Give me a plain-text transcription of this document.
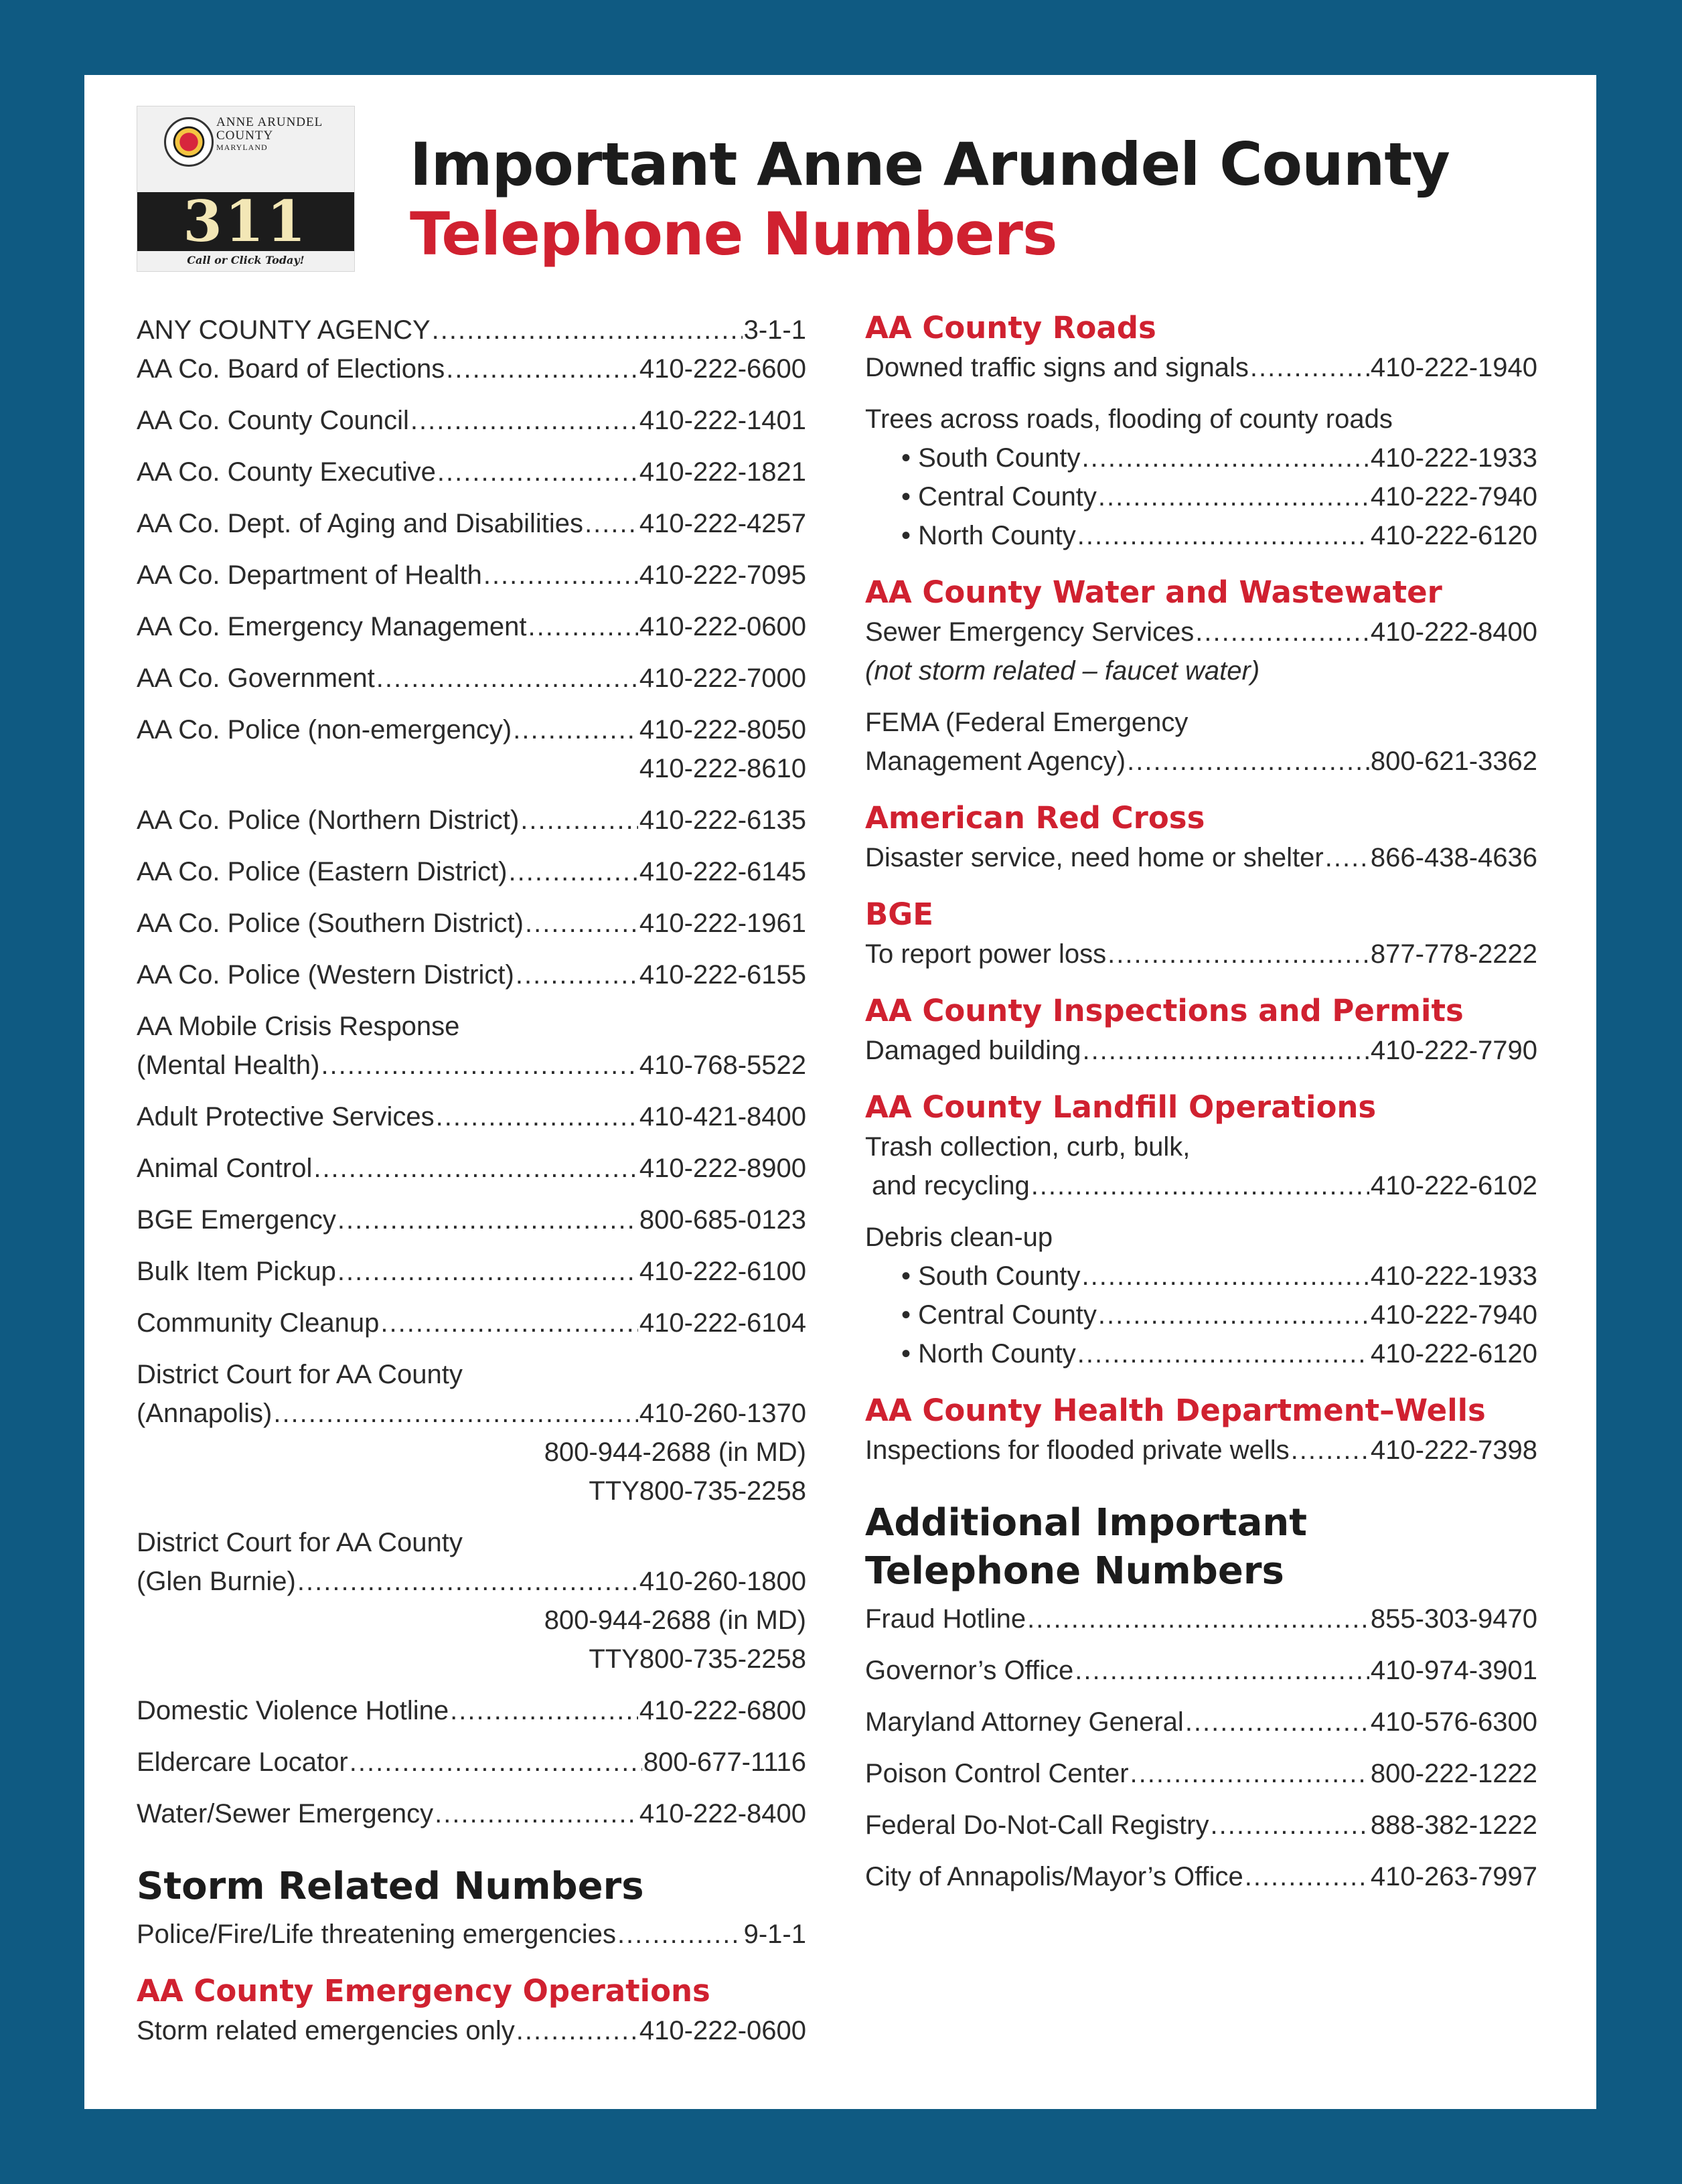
ANNE ARUNDEL
COUNTY
MARYLAND
311
Call or Click Today!
Important Anne Arundel County
Telephone Numbers
ANY COUNTY AGENCY .....	3-1-1
AA Co. Board of Elections .....	410-222-6600
AA Co. County Council .....	410-222-1401
AA Co. County Executive .....	410-222-1821
AA Co. Dept. of Aging and Disabilities ..... 410-222-4257
AA Co. Department of Health .....	410-222-7095
AA Co. Emergency Management .....	410-222-0600
AA Co. Government .....	410-222-7000
AA Co. Police (non-emergency) .....	410-222-8050
410-222-8610
AA Co. Police (Northern District) .....	410-222-6135
AA Co. Police (Eastern District) .....	410-222-6145
AA Co. Police (Southern District) .....	410-222-1961
AA Co. Police (Western District) .....	410-222-6155
AA Mobile Crisis Response
(Mental Health) .....	410-768-5522
Adult Protective Services .....	410-421-8400
Animal Control .....	410-222-8900
BGE Emergency .....	800-685-0123
Bulk Item Pickup .....	410-222-6100
Community Cleanup .....	410-222-6104
District Court for AA County
(Annapolis) .....	410-260-1370
800-944-2688 (in MD)
TTY800-735-2258
District Court for AA County
(Glen Burnie) .....	410-260-1800
800-944-2688 (in MD)
TTY800-735-2258
Domestic Violence Hotline .....	410-222-6800
Eldercare Locator .....	800-677-1116
Water/Sewer Emergency .....	410-222-8400
Storm Related Numbers
Police/Fire/Life threatening emergencies .....	9-1-1
AA County Emergency Operations
Storm related emergencies only .....	410-222-0600
AA County Roads
Downed traffic signs and signals .....	410-222-1940
Trees across roads, flooding of county roads
• South County .....	410-222-1933
• Central County .....	410-222-7940
• North County .....	410-222-6120
AA County Water and Wastewater
Sewer Emergency Services .....	410-222-8400
(not storm related – faucet water)
FEMA (Federal Emergency
Management Agency) .....	800-621-3362
American Red Cross
Disaster service, need home or shelter ..... 866-438-4636
BGE
To report power loss .....	877-778-2222
AA County Inspections and Permits
Damaged building .....	410-222-7790
AA County Landfill Operations
Trash collection, curb, bulk,
and recycling .....	410-222-6102
Debris clean-up
• South County .....	410-222-1933
• Central County .....	410-222-7940
• North County .....	410-222-6120
AA County Health Department–Wells
Inspections for flooded private wells .....	410-222-7398
Additional Important
Telephone Numbers
Fraud Hotline .....	855-303-9470
Governor’s Office .....	410-974-3901
Maryland Attorney General .....	410-576-6300
Poison Control Center .....	800-222-1222
Federal Do-Not-Call Registry .....	888-382-1222
City of Annapolis/Mayor’s Office .....	410-263-7997
